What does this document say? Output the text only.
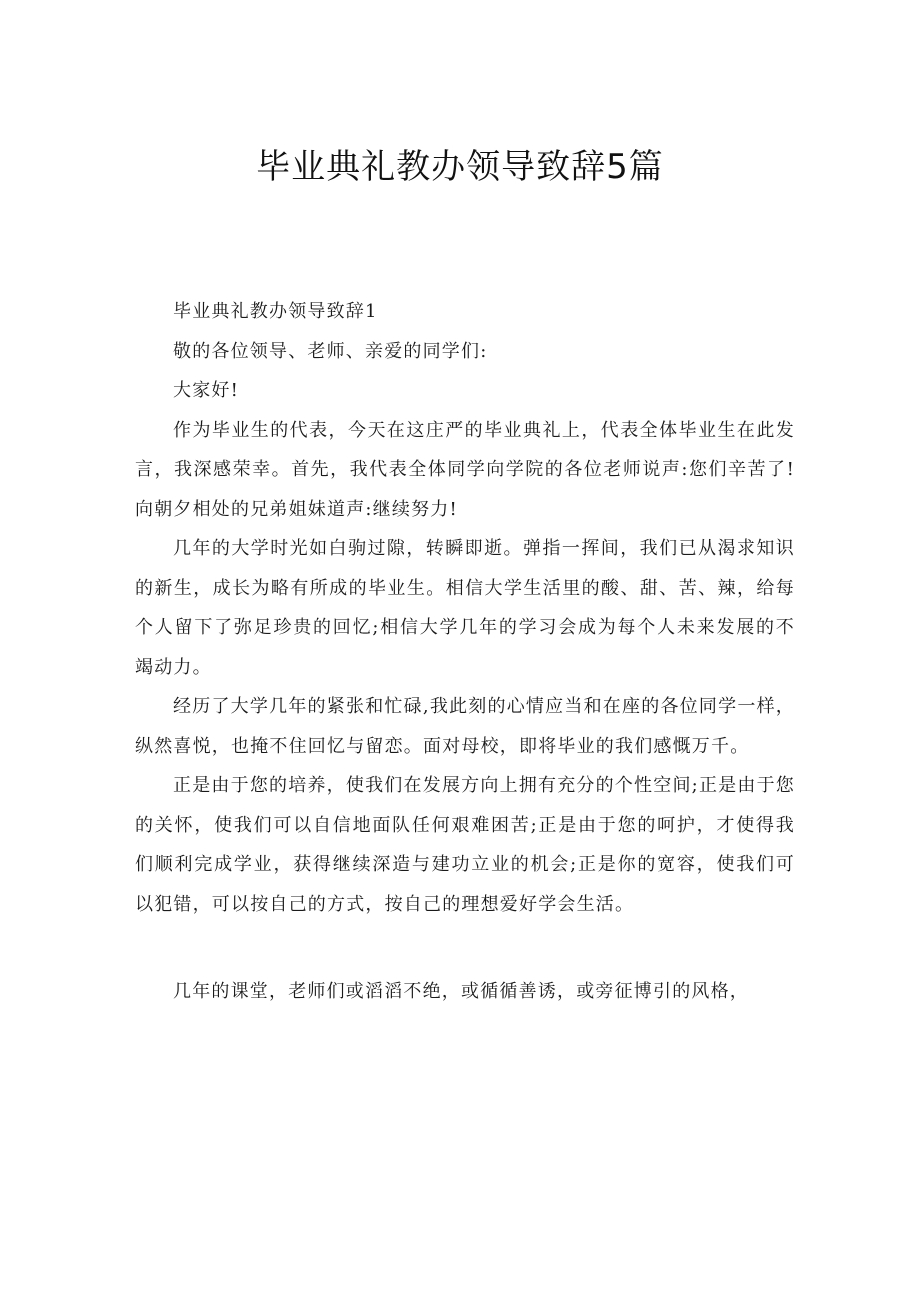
毕业典礼教办领导致辞5篇

毕业典礼教办领导致辞1

敬的各位领导、老师、亲爱的同学们:

大家好!

作为毕业生的代表，今天在这庄严的毕业典礼上，代表全体毕业生在此发言，我深感荣幸。首先，我代表全体同学向学院的各位老师说声:您们辛苦了!向朝夕相处的兄弟姐妹道声:继续努力!

几年的大学时光如白驹过隙，转瞬即逝。弹指一挥间，我们已从渴求知识的新生，成长为略有所成的毕业生。相信大学生活里的酸、甜、苦、辣，给每个人留下了弥足珍贵的回忆;相信大学几年的学习会成为每个人未来发展的不竭动力。

经历了大学几年的紧张和忙碌,我此刻的心情应当和在座的各位同学一样，纵然喜悦，也掩不住回忆与留恋。面对母校，即将毕业的我们感慨万千。

正是由于您的培养，使我们在发展方向上拥有充分的个性空间;正是由于您的关怀，使我们可以自信地面队任何艰难困苦;正是由于您的呵护，才使得我们顺利完成学业，获得继续深造与建功立业的机会;正是你的宽容，使我们可以犯错，可以按自己的方式，按自己的理想爱好学会生活。

几年的课堂，老师们或滔滔不绝，或循循善诱，或旁征博引的风格，
